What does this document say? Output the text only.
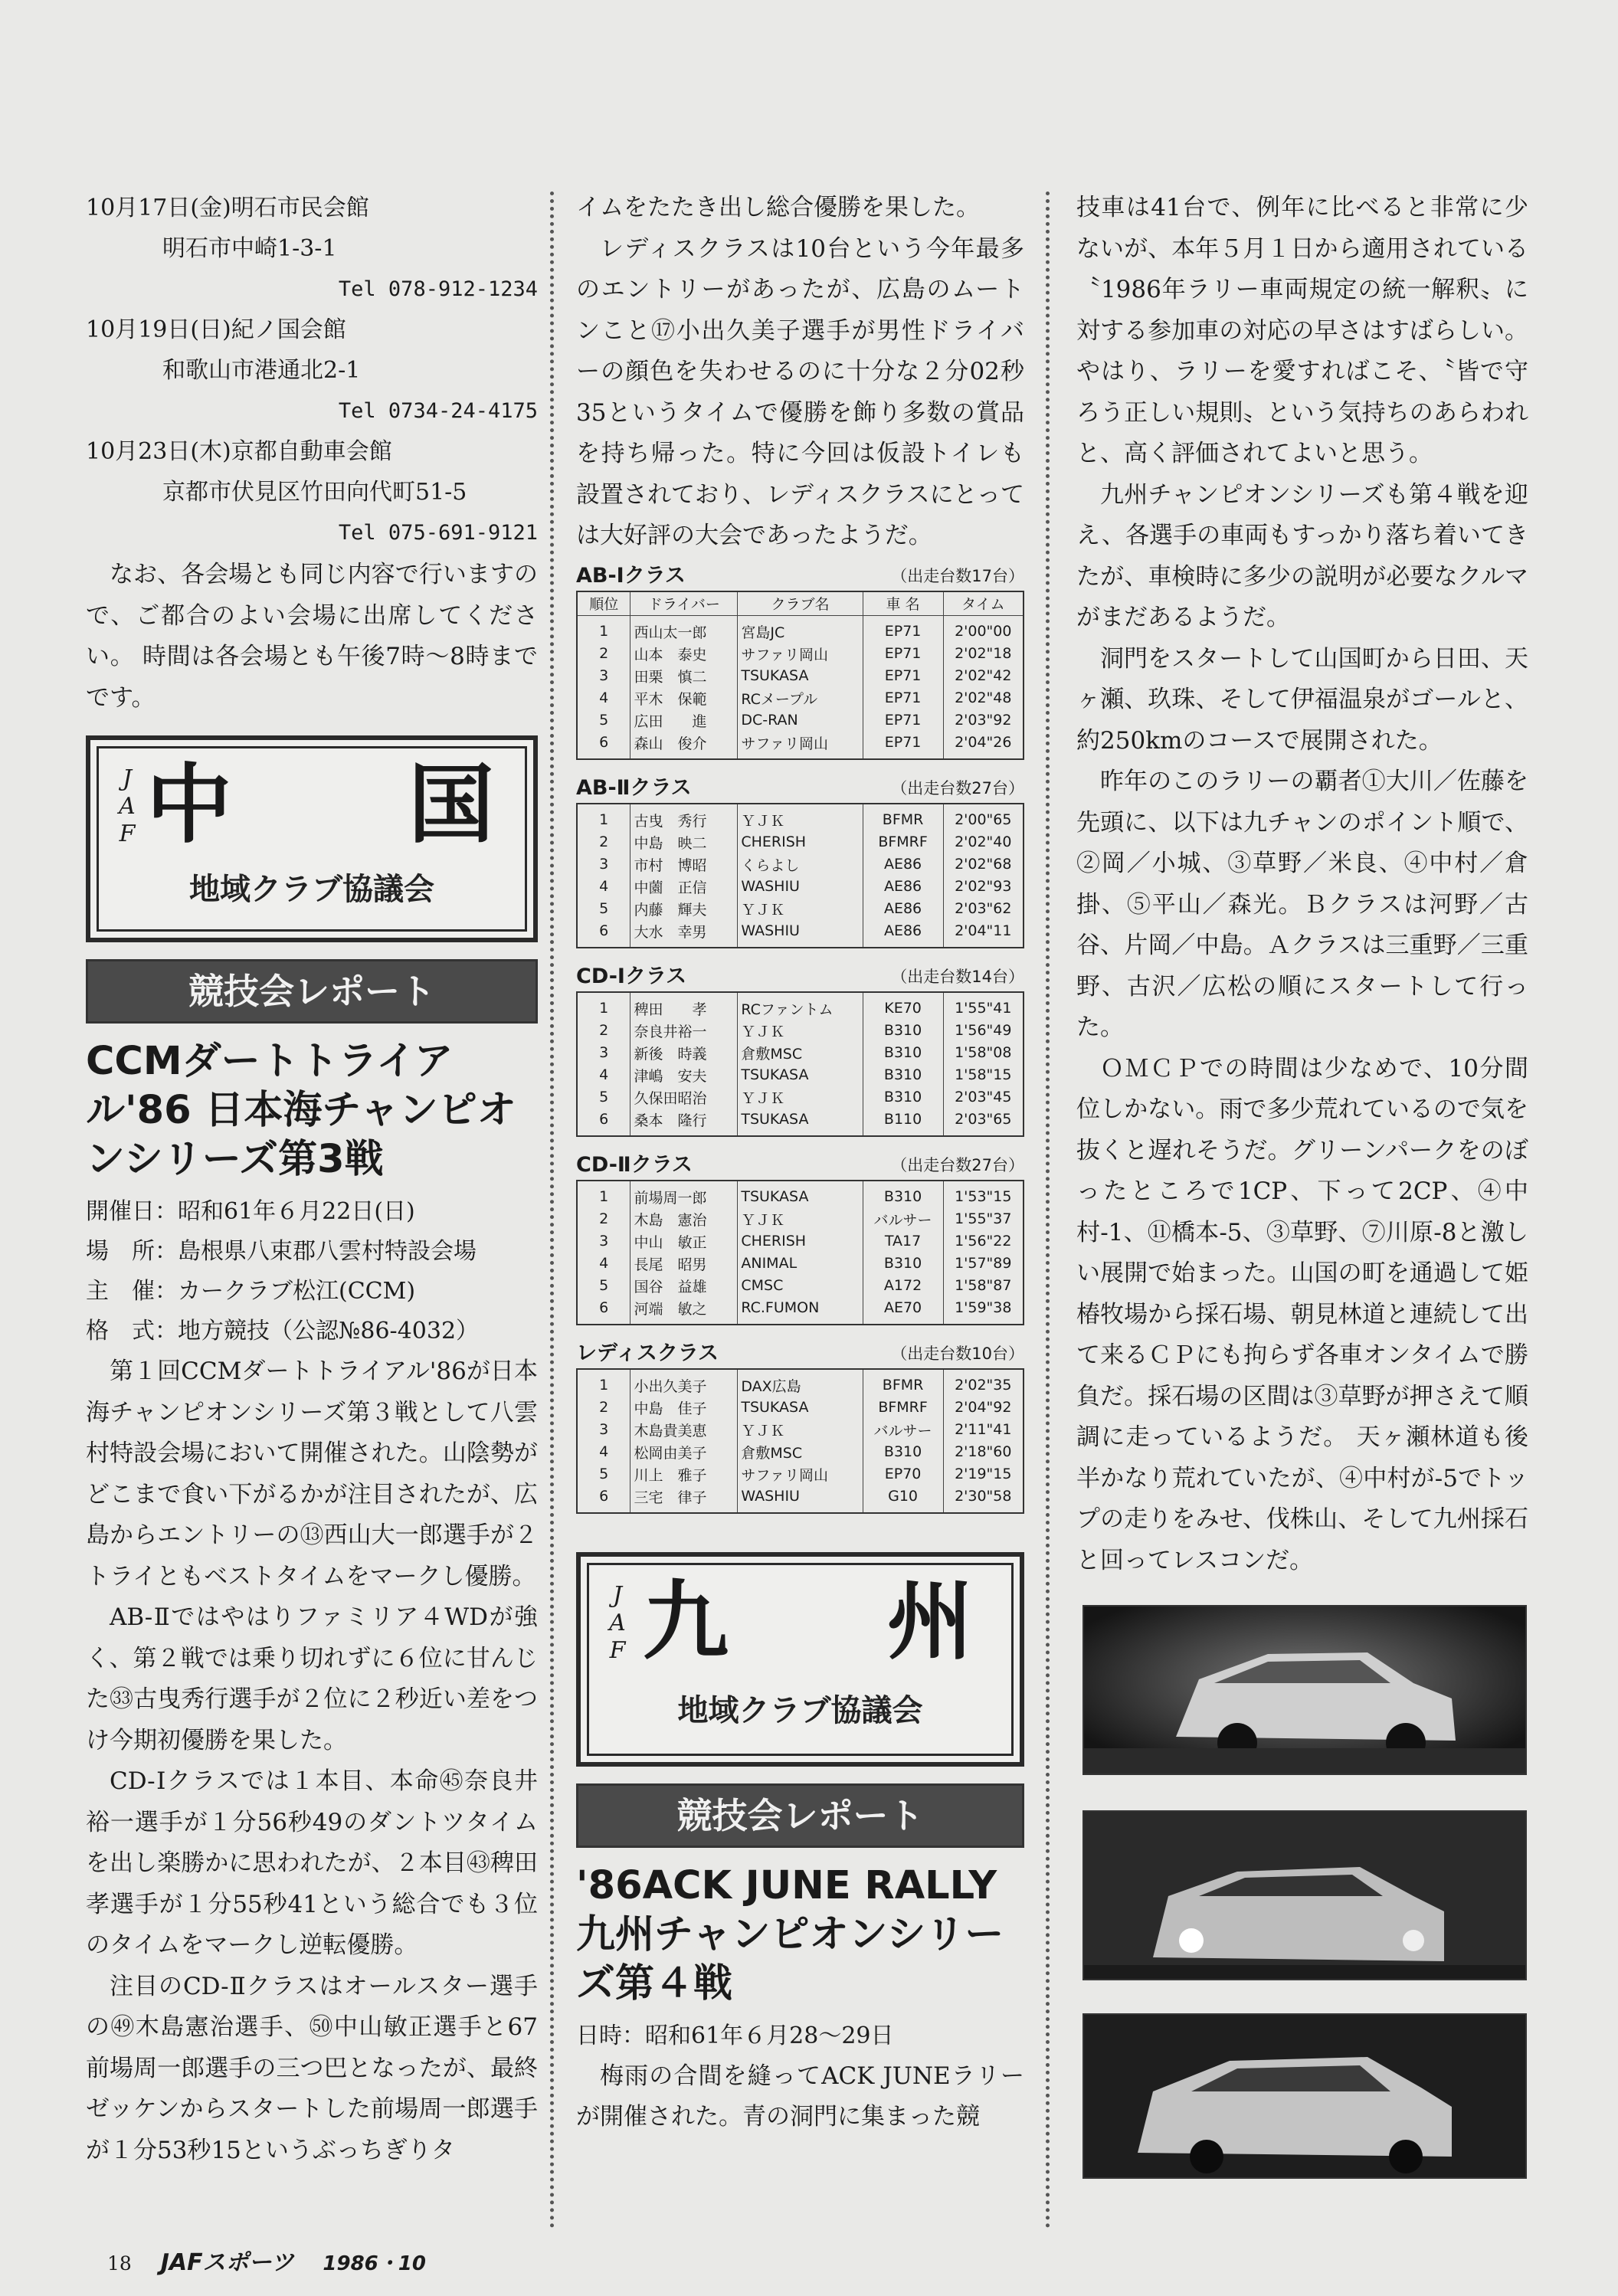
10月17日(金)明石市民会館
明石市中崎1-3-1
Tel 078-912-1234
10月19日(日)紀ノ国会館
和歌山市港通北2-1
Tel 0734-24-4175
10月23日(木)京都自動車会館
京都市伏見区竹田向代町51-5
Tel 075-691-9121

なお、各会場とも同じ内容で行いますので、ご都合のよい会場に出席してください。 時間は各会場とも午後7時～8時までです。

J
A
F 中 国
地域クラブ協議会
競技会レポート
CCMダートトライアル'86 日本海チャンピオンシリーズ第3戦
開催日：昭和61年６月22日(日)
場　所：島根県八束郡八雲村特設会場
主　催：カークラブ松江(CCM)
格　式：地方競技（公認№86-4032）

第１回CCMダートトライアル'86が日本海チャンピオンシリーズ第３戦として八雲村特設会場において開催された。山陰勢がどこまで食い下がるかが注目されたが、広島からエントリーの⑬西山大一郎選手が２トライともベストタイムをマークし優勝。

AB-Ⅱではやはりファミリア４WDが強く、第２戦では乗り切れずに６位に甘んじた㉝古曳秀行選手が２位に２秒近い差をつけ今期初優勝を果した。

CD-Ⅰクラスでは１本目、本命㊺奈良井裕一選手が１分56秒49のダントツタイムを出し楽勝かに思われたが、２本目㊸稗田孝選手が１分55秒41という総合でも３位のタイムをマークし逆転優勝。

注目のCD-Ⅱクラスはオールスター選手の㊾木島憲治選手、㊿中山敏正選手と67前場周一郎選手の三つ巴となったが、最終ゼッケンからスタートした前場周一郎選手が１分53秒15というぶっちぎりタ

イムをたたき出し総合優勝を果した。

レディスクラスは10台という今年最多のエントリーがあったが、広島のムートンこと⑰小出久美子選手が男性ドライバーの顔色を失わせるのに十分な２分02秒35というタイムで優勝を飾り多数の賞品を持ち帰った。特に今回は仮設トイレも設置されており、レディスクラスにとっては大好評の大会であったようだ。

AB-Ⅰクラス	（出走台数17台）
順位	ドライバー	クラブ名	車 名	タイム
1	西山太一郎	宮島JC	EP71	2'00"00
2	山本　泰史	サファリ岡山	EP71	2'02"18
3	田栗　慎二	TSUKASA	EP71	2'02"42
4	平木　保範	RCメープル	EP71	2'02"48
5	広田　　進	DC-RAN	EP71	2'03"92
6	森山　俊介	サファリ岡山	EP71	2'04"26
AB-Ⅱクラス	（出走台数27台）
1	古曳　秀行	ＹＪＫ	BFMR	2'00"65
2	中島　映二	CHERISH	BFMRF	2'02"40
3	市村　博昭	くらよし	AE86	2'02"68
4	中薗　正信	WASHIU	AE86	2'02"93
5	内藤　輝夫	ＹＪＫ	AE86	2'03"62
6	大水　幸男	WASHIU	AE86	2'04"11
CD-Ⅰクラス	（出走台数14台）
1	稗田　　孝	RCファントム	KE70	1'55"41
2	奈良井裕一	ＹＪＫ	B310	1'56"49
3	新後　時義	倉敷MSC	B310	1'58"08
4	津嶋　安夫	TSUKASA	B310	1'58"15
5	久保田昭治	ＹＪＫ	B310	2'03"45
6	桑本　隆行	TSUKASA	B110	2'03"65
CD-Ⅱクラス	（出走台数27台）
1	前場周一郎	TSUKASA	B310	1'53"15
2	木島　憲治	ＹＪＫ	バルサー	1'55"37
3	中山　敏正	CHERISH	TA17	1'56"22
4	長尾　昭男	ANIMAL	B310	1'57"89
5	国谷　益雄	CMSC	A172	1'58"87
6	河端　敏之	RC.FUMON	AE70	1'59"38
レディスクラス	（出走台数10台）
1	小出久美子	DAX広島	BFMR	2'02"35
2	中島　佳子	TSUKASA	BFMRF	2'04"92
3	木島貴美恵	ＹＪＫ	バルサー	2'11"41
4	松岡由美子	倉敷MSC	B310	2'18"60
5	川上　雅子	サファリ岡山	EP70	2'19"15
6	三宅　律子	WASHIU	G10	2'30"58
J
A
F 九 州
地域クラブ協議会
競技会レポート
'86ACK JUNE RALLY九州チャンピオンシリーズ第４戦
日時：昭和61年６月28～29日

梅雨の合間を縫ってACK JUNEラリーが開催された。青の洞門に集まった競

技車は41台で、例年に比べると非常に少ないが、本年５月１日から適用されている〝1986年ラリー車両規定の統一解釈〟に対する参加車の対応の早さはすばらしい。やはり、ラリーを愛すればこそ、〝皆で守ろう正しい規則〟という気持ちのあらわれと、高く評価されてよいと思う。

九州チャンピオンシリーズも第４戦を迎え、各選手の車両もすっかり落ち着いてきたが、車検時に多少の説明が必要なクルマがまだあるようだ。

洞門をスタートして山国町から日田、天ヶ瀬、玖珠、そして伊福温泉がゴールと、約250kmのコースで展開された。

昨年のこのラリーの覇者①大川／佐藤を先頭に、以下は九チャンのポイント順で、②岡／小城、③草野／米良、④中村／倉掛、⑤平山／森光。Ｂクラスは河野／古谷、片岡／中島。Ａクラスは三重野／三重野、古沢／広松の順にスタートして行った。

ＯＭＣＰでの時間は少なめで、10分間位しかない。雨で多少荒れているので気を抜くと遅れそうだ。グリーンパークをのぼったところで1CP、下って2CP、④中村-1、⑪橋本-5、③草野、⑦川原-8と激しい展開で始まった。山国の町を通過して姫椿牧場から採石場、朝見林道と連続して出て来るＣＰにも拘らず各車オンタイムで勝負だ。採石場の区間は③草野が押さえて順調に走っているようだ。 天ヶ瀬林道も後半かなり荒れていたが、④中村が-5でトップの走りをみせ、伐株山、そして九州採石と回ってレスコンだ。

18 JAFスポーツ 1986・10
